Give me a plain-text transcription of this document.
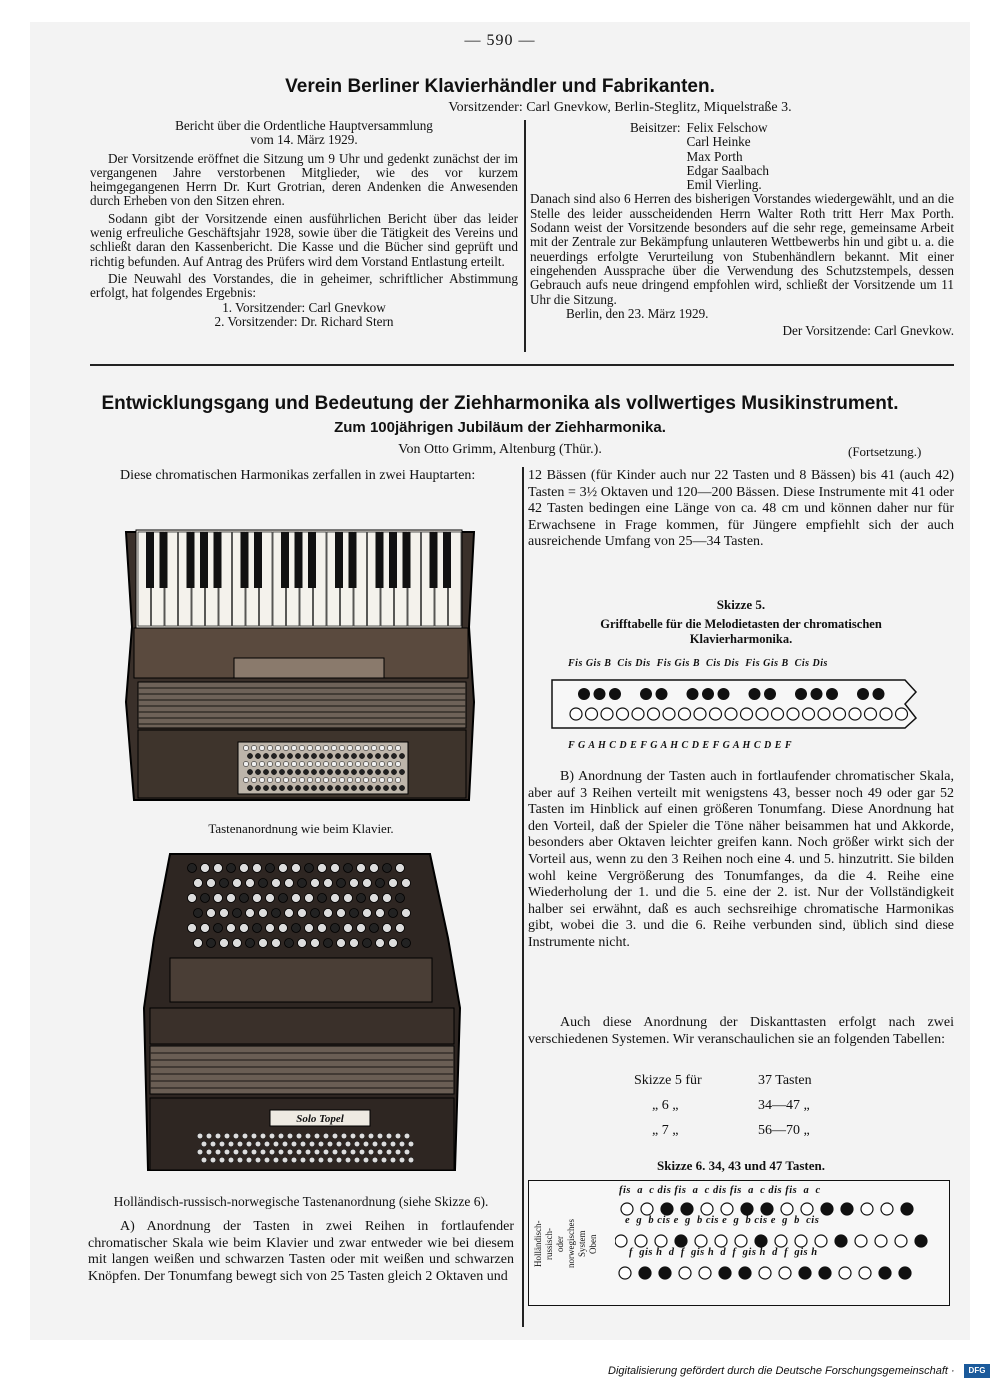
— 590 —
Verein Berliner Klavierhändler und Fabrikanten.
Vorsitzender: Carl Gnevkow, Berlin-Steglitz, Miquelstraße 3.

Bericht über die Ordentliche Hauptversammlung

vom 14. März 1929.

Der Vorsitzende eröffnet die Sitzung um 9 Uhr und gedenkt zunächst der im vergangenen Jahre verstorbenen Mitglieder, wie des vor kurzem heimgegangenen Herrn Dr. Kurt Grotrian, deren Andenken die Anwesenden durch Erheben von den Sitzen ehren.

Sodann gibt der Vorsitzende einen ausführlichen Bericht über das leider wenig erfreuliche Geschäftsjahr 1928, sowie über die Tätigkeit des Vereins und schließt daran den Kassenbericht. Die Kasse und die Bücher sind geprüft und richtig befunden. Auf Antrag des Prüfers wird dem Vorstand Entlastung erteilt.

Die Neuwahl des Vorstandes, die in geheimer, schriftlicher Abstimmung erfolgt, hat folgendes Ergebnis:

1. Vorsitzender: Carl Gnevkow

2. Vorsitzender: Dr. Richard Stern

Beisitzer: Felix Felschow
Carl Heinke
Max Porth
Edgar Saalbach
Emil Vierling.

Danach sind also 6 Herren des bisherigen Vorstandes wiedergewählt, und an die Stelle des leider ausscheidenden Herrn Walter Roth tritt Herr Max Porth. Sodann weist der Vorsitzende besonders auf die sehr rege, gemeinsame Arbeit mit der Zentrale zur Bekämpfung unlauteren Wettbewerbs hin und gibt u. a. die neuerdings erfolgte Verurteilung von Stubenhändlern bekannt. Mit einer eingehenden Aussprache über die Verwendung des Schutzstempels, dessen Gebrauch aufs neue dringend empfohlen wird, schließt der Vorsitzende um 11 Uhr die Sitzung.

Berlin, den 23. März 1929.

Der Vorsitzende: Carl Gnevkow.

Entwicklungsgang und Bedeutung der Ziehharmonika als vollwertiges Musikinstrument.
Zum 100jährigen Jubiläum der Ziehharmonika.
Von Otto Grimm, Altenburg (Thür.).	(Fortsetzung.)

Diese chromatischen Harmonikas zerfallen in zwei Hauptarten:

Tastenanordnung wie beim Klavier.
Solo Topel
Holländisch-russisch-norwegische Tastenanordnung (siehe Skizze 6).

A) Anordnung der Tasten in zwei Reihen in fortlaufender chromatischer Skala wie beim Klavier und zwar entweder wie bei diesem mit langen weißen und schwarzen Tasten oder mit weißen und schwarzen Knöpfen. Der Tonumfang bewegt sich von 25 Tasten gleich 2 Oktaven und

12 Bässen (für Kinder auch nur 22 Tasten und 8 Bässen) bis 41 (auch 42) Tasten = 3½ Oktaven und 120—200 Bässen. Diese Instrumente mit 41 oder 42 Tasten bedingen eine Länge von ca. 48 cm und können daher nur für Erwachsene in Frage kommen, für Jüngere empfiehlt sich der auch ausreichende Umfang von 25—34 Tasten.

Skizze 5.
Grifftabelle für die Melodietasten der chromatischen Klavierharmonika.
Fis Gis B  Cis Dis  Fis Gis B  Cis Dis  Fis Gis B  Cis Dis
F G A H C D E F G A H C D E F G A H C D E F

B) Anordnung der Tasten auch in fortlaufender chromatischer Skala, aber auf 3 Reihen verteilt mit wenigstens 43, besser noch 49 oder gar 52 Tasten im Hinblick auf einen größeren Tonumfang. Diese Anordnung hat den Vorteil, daß der Spieler die Töne näher beisammen hat und Akkorde, besonders aber Oktaven leichter greifen kann. Noch größer wirkt sich der Vorteil aus, wenn zu den 3 Reihen noch eine 4. und 5. hinzutritt. Sie bilden wohl keine Vergrößerung des Tonumfanges, da die 4. Reihe eine Wiederholung der 1. und die 5. eine der 2. ist. Nur der Vollständigkeit halber sei erwähnt, daß es auch sechsreihige chromatische Harmonikas gibt, wobei die 3. und die 6. Reihe verbunden sind, üblich sind diese Instrumente nicht.

Auch diese Anordnung der Diskanttasten erfolgt nach zwei verschiedenen Systemen. Wir veranschaulichen sie an folgenden Tabellen:

Skizze 5 für	37 Tasten
„ 6 „	34—47 „
„ 7 „	56—70 „
Skizze 6. 34, 43 und 47 Tasten.
Holländisch-
russisch-
oder
norwegisches
System
Oben
fis  a  c dis fis  a  c dis fis  a  c dis fis  a  c
e  g  b cis e  g  b cis e  g  b cis e  g  b  cis
f  gis h  d  f  gis h  d  f  gis h  d  f  gis h
Digitalisierung gefördert durch die Deutsche Forschungsgemeinschaft ·	DFG
